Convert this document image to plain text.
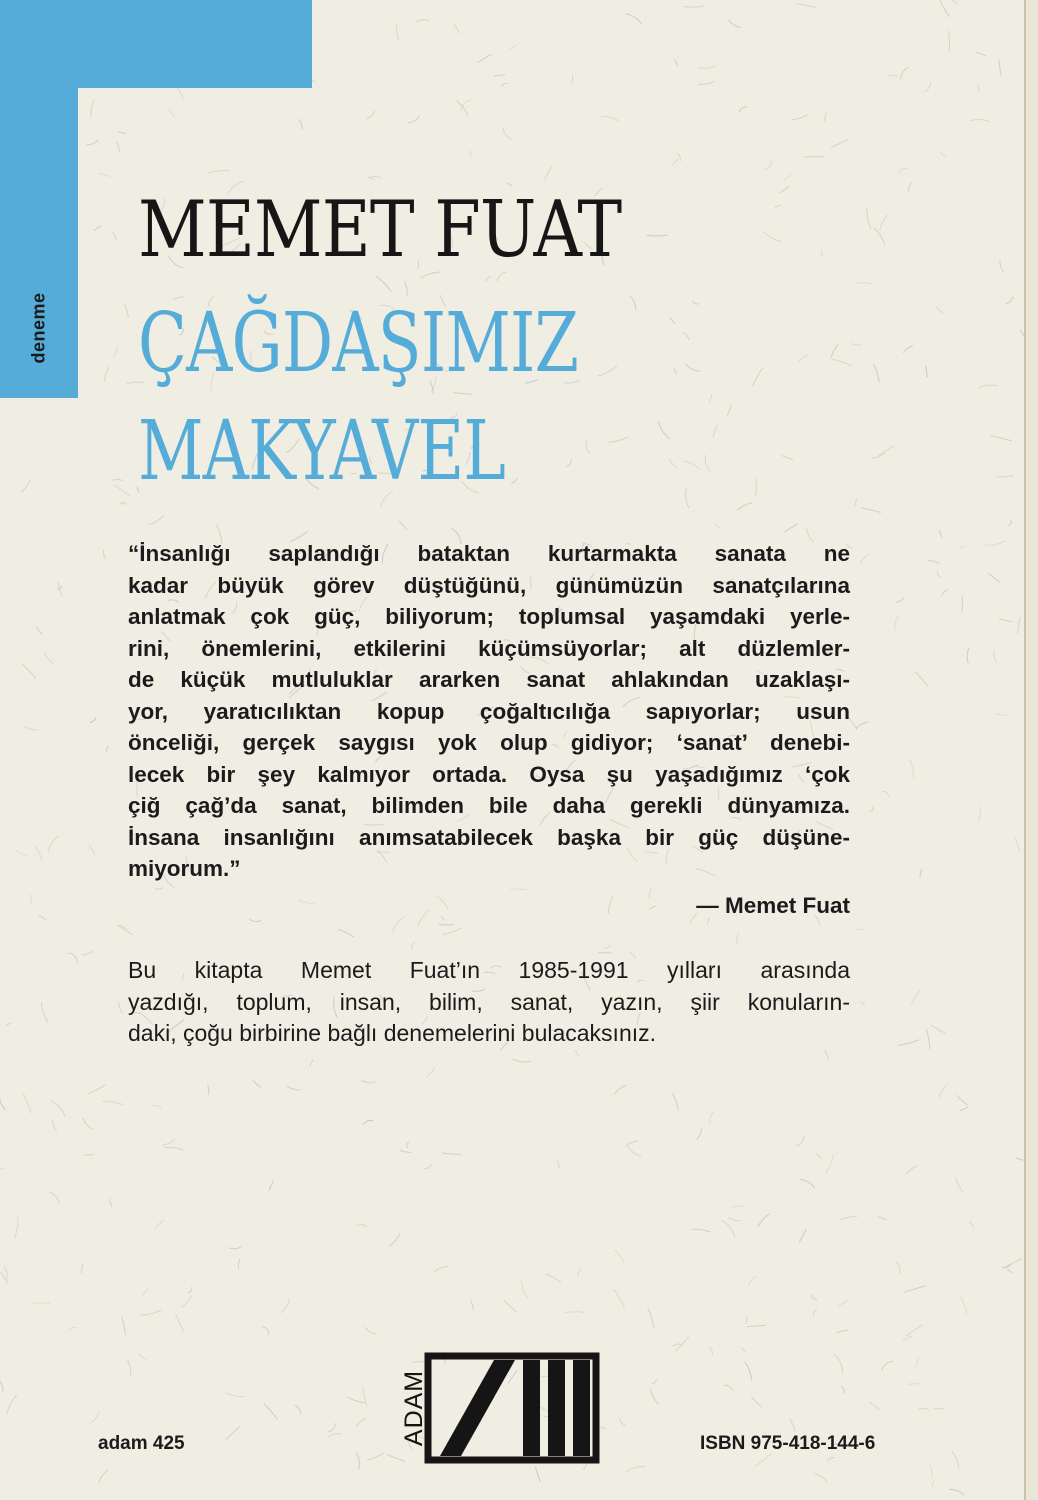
deneme
MEMET FUAT
ÇAĞDAŞIMIZ
MAKYAVEL

“İnsanlığı saplandığı bataktan kurtarmakta sanata ne
kadar büyük görev düştüğünü, günümüzün sanatçılarına
anlatmak çok güç, biliyorum; toplumsal yaşamdaki yerle-
rini, önemlerini, etkilerini küçümsüyorlar; alt düzlemler-
de küçük mutluluklar ararken sanat ahlakından uzaklaşı-
yor, yaratıcılıktan kopup çoğaltıcılığa sapıyorlar; usun
önceliği, gerçek saygısı yok olup gidiyor; ‘sanat’ denebi-
lecek bir şey kalmıyor ortada. Oysa şu yaşadığımız ‘çok
çiğ çağ’da sanat, bilimden bile daha gerekli dünyamıza.
İnsana insanlığını anımsatabilecek başka bir güç düşüne-
miyorum.”

— Memet Fuat

Bu kitapta Memet Fuat’ın 1985-1991 yılları arasında
yazdığı, toplum, insan, bilim, sanat, yazın, şiir konuların-
daki, çoğu birbirine bağlı denemelerini bulacaksınız.

adam 425	ADAM	ISBN 975-418-144-6
